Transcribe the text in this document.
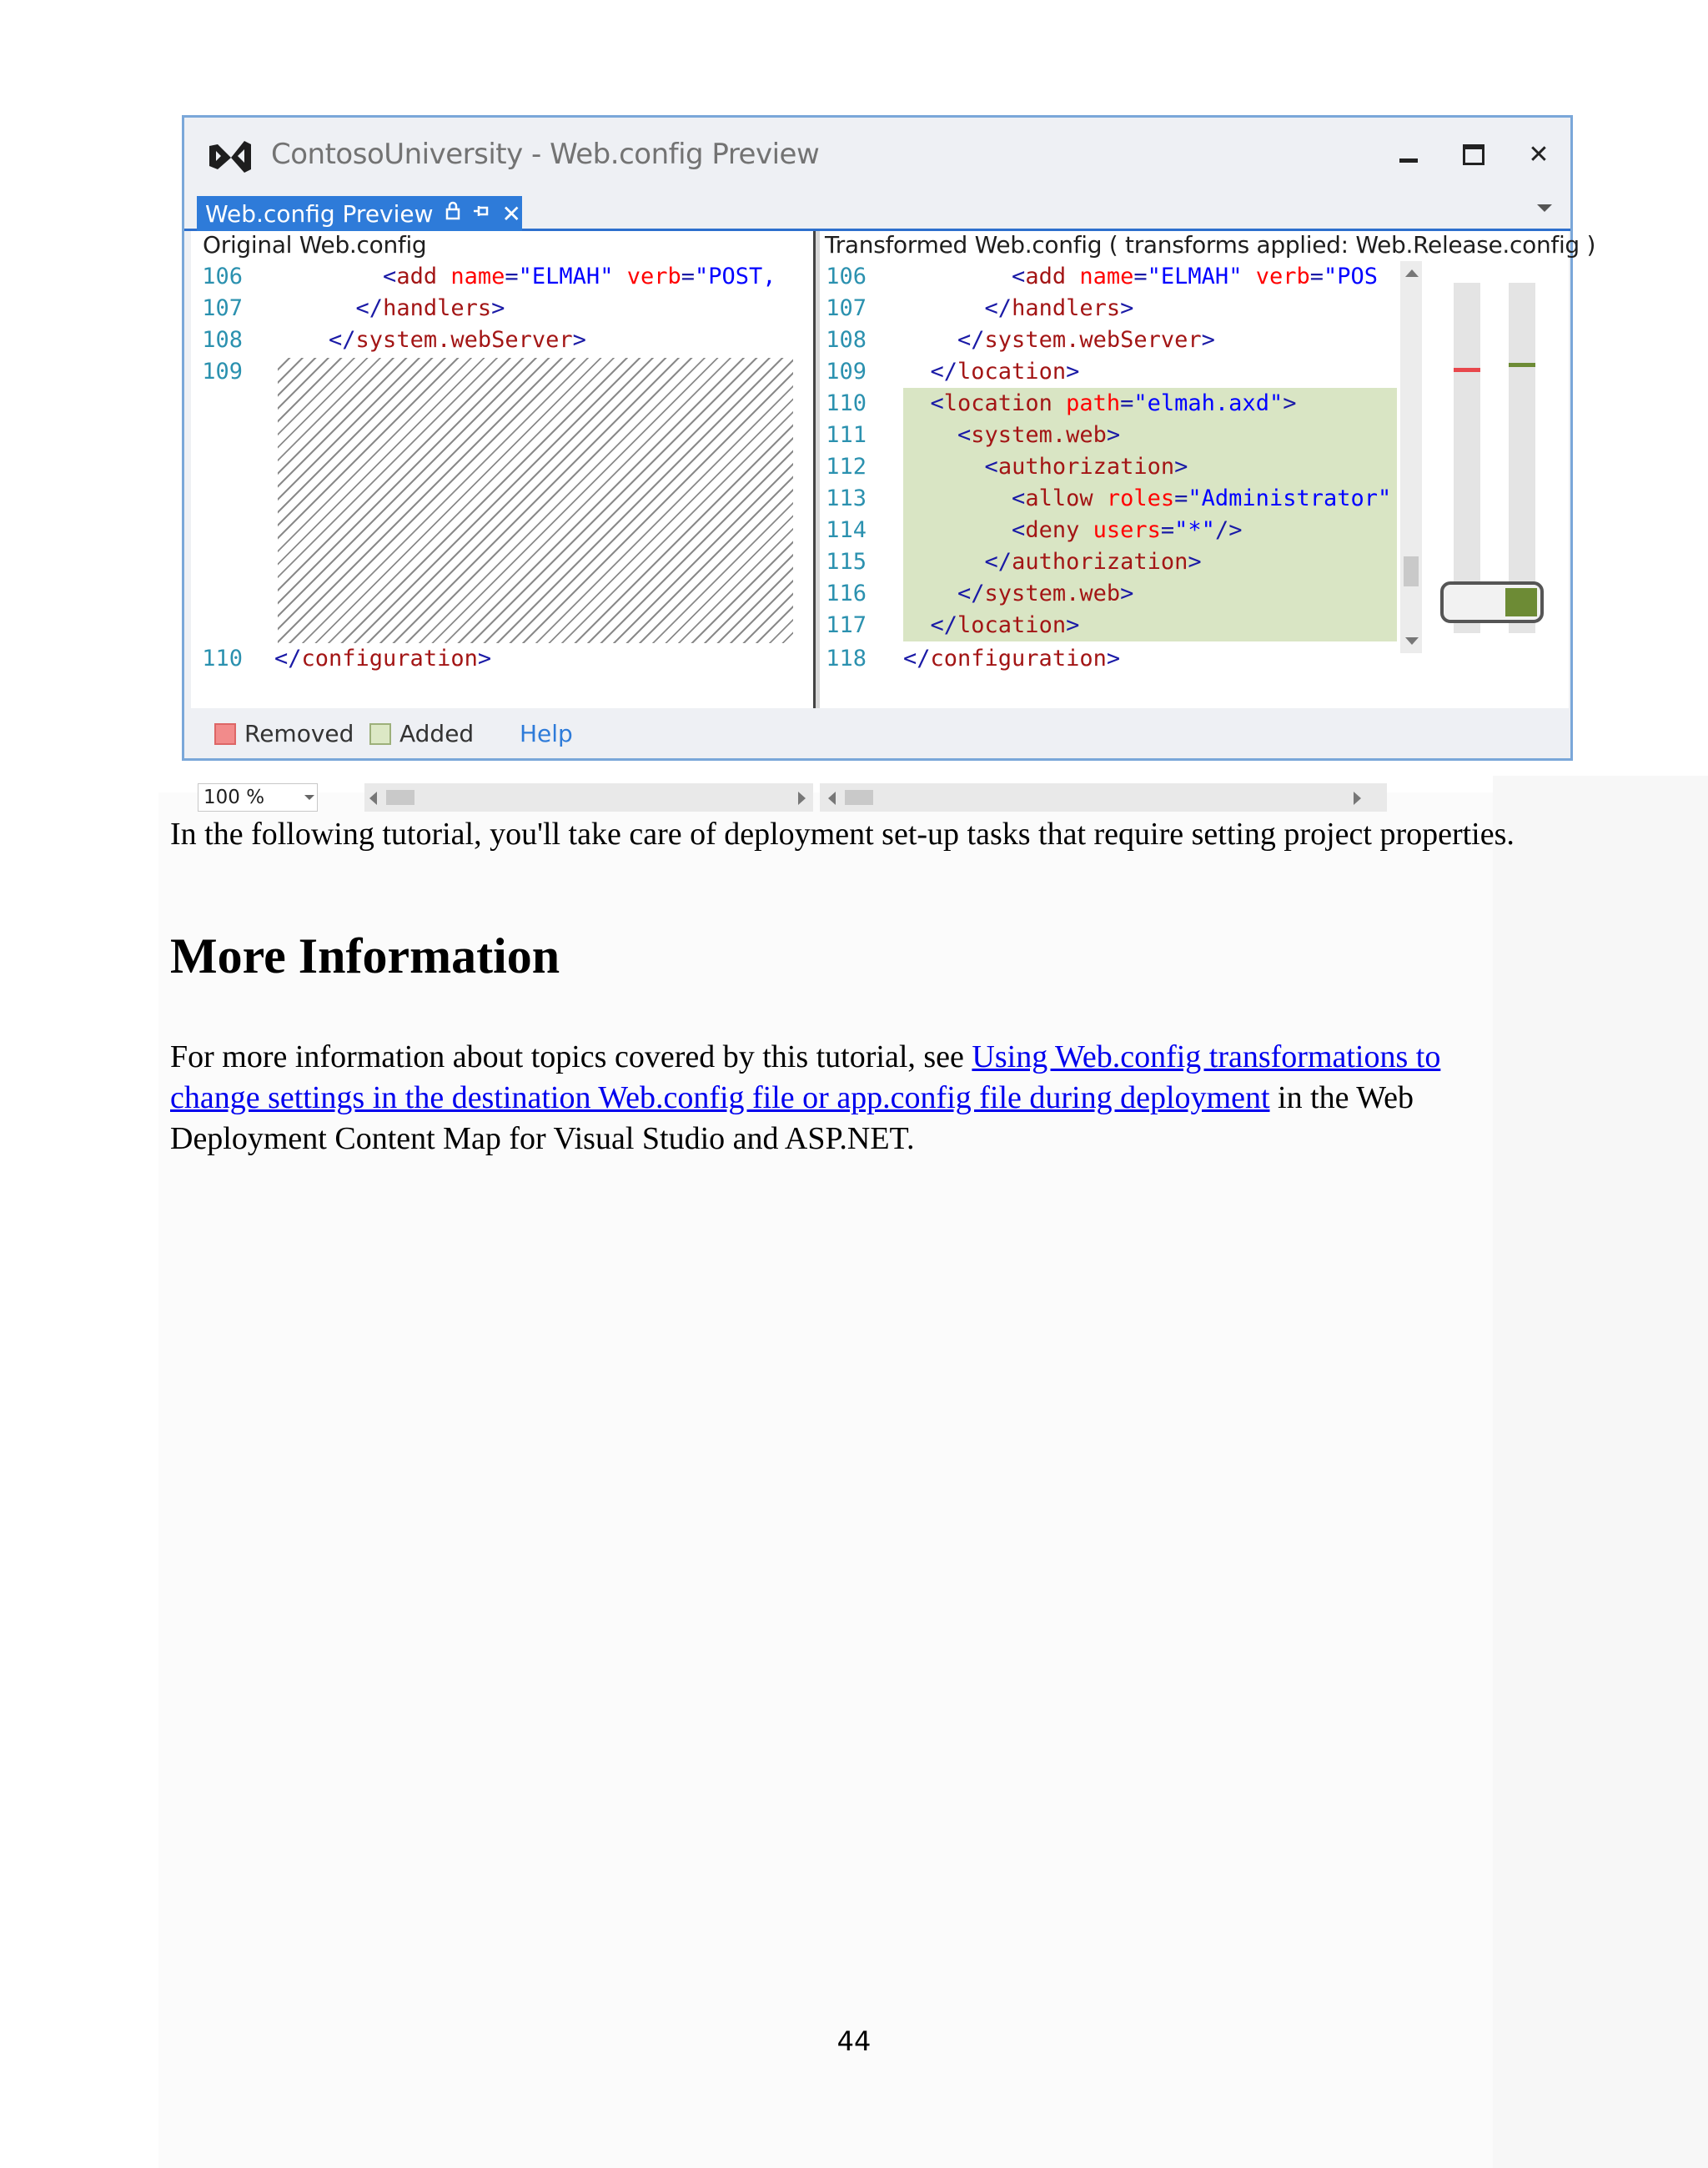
ContosoUniversity - Web.config Preview	✕
Web.config Preview	✕
Original Web.config
106	<add name="ELMAH" verb="POST,
107	</handlers>
108	</system.webServer>
109

110 </configuration>
100 %
Transformed Web.config ( transforms applied: Web.Release.config )
106	<add name="ELMAH" verb="POS
107	</handlers>
108	</system.webServer>
109	</location>
110	<location path="elmah.axd">
111	<system.web>
112	<authorization>
113	<allow roles="Administrator"
114	<deny users="*"/>
115	</authorization>
116	</system.web>
117	</location>
118 </configuration>
Removed Added Help
In the following tutorial, you'll take care of deployment set-up tasks that require setting project properties.
More Information
For more information about topics covered by this tutorial, see Using Web.config transformations to change settings in the destination Web.config file or app.config file during deployment in the Web Deployment Content Map for Visual Studio and ASP.NET.
44
